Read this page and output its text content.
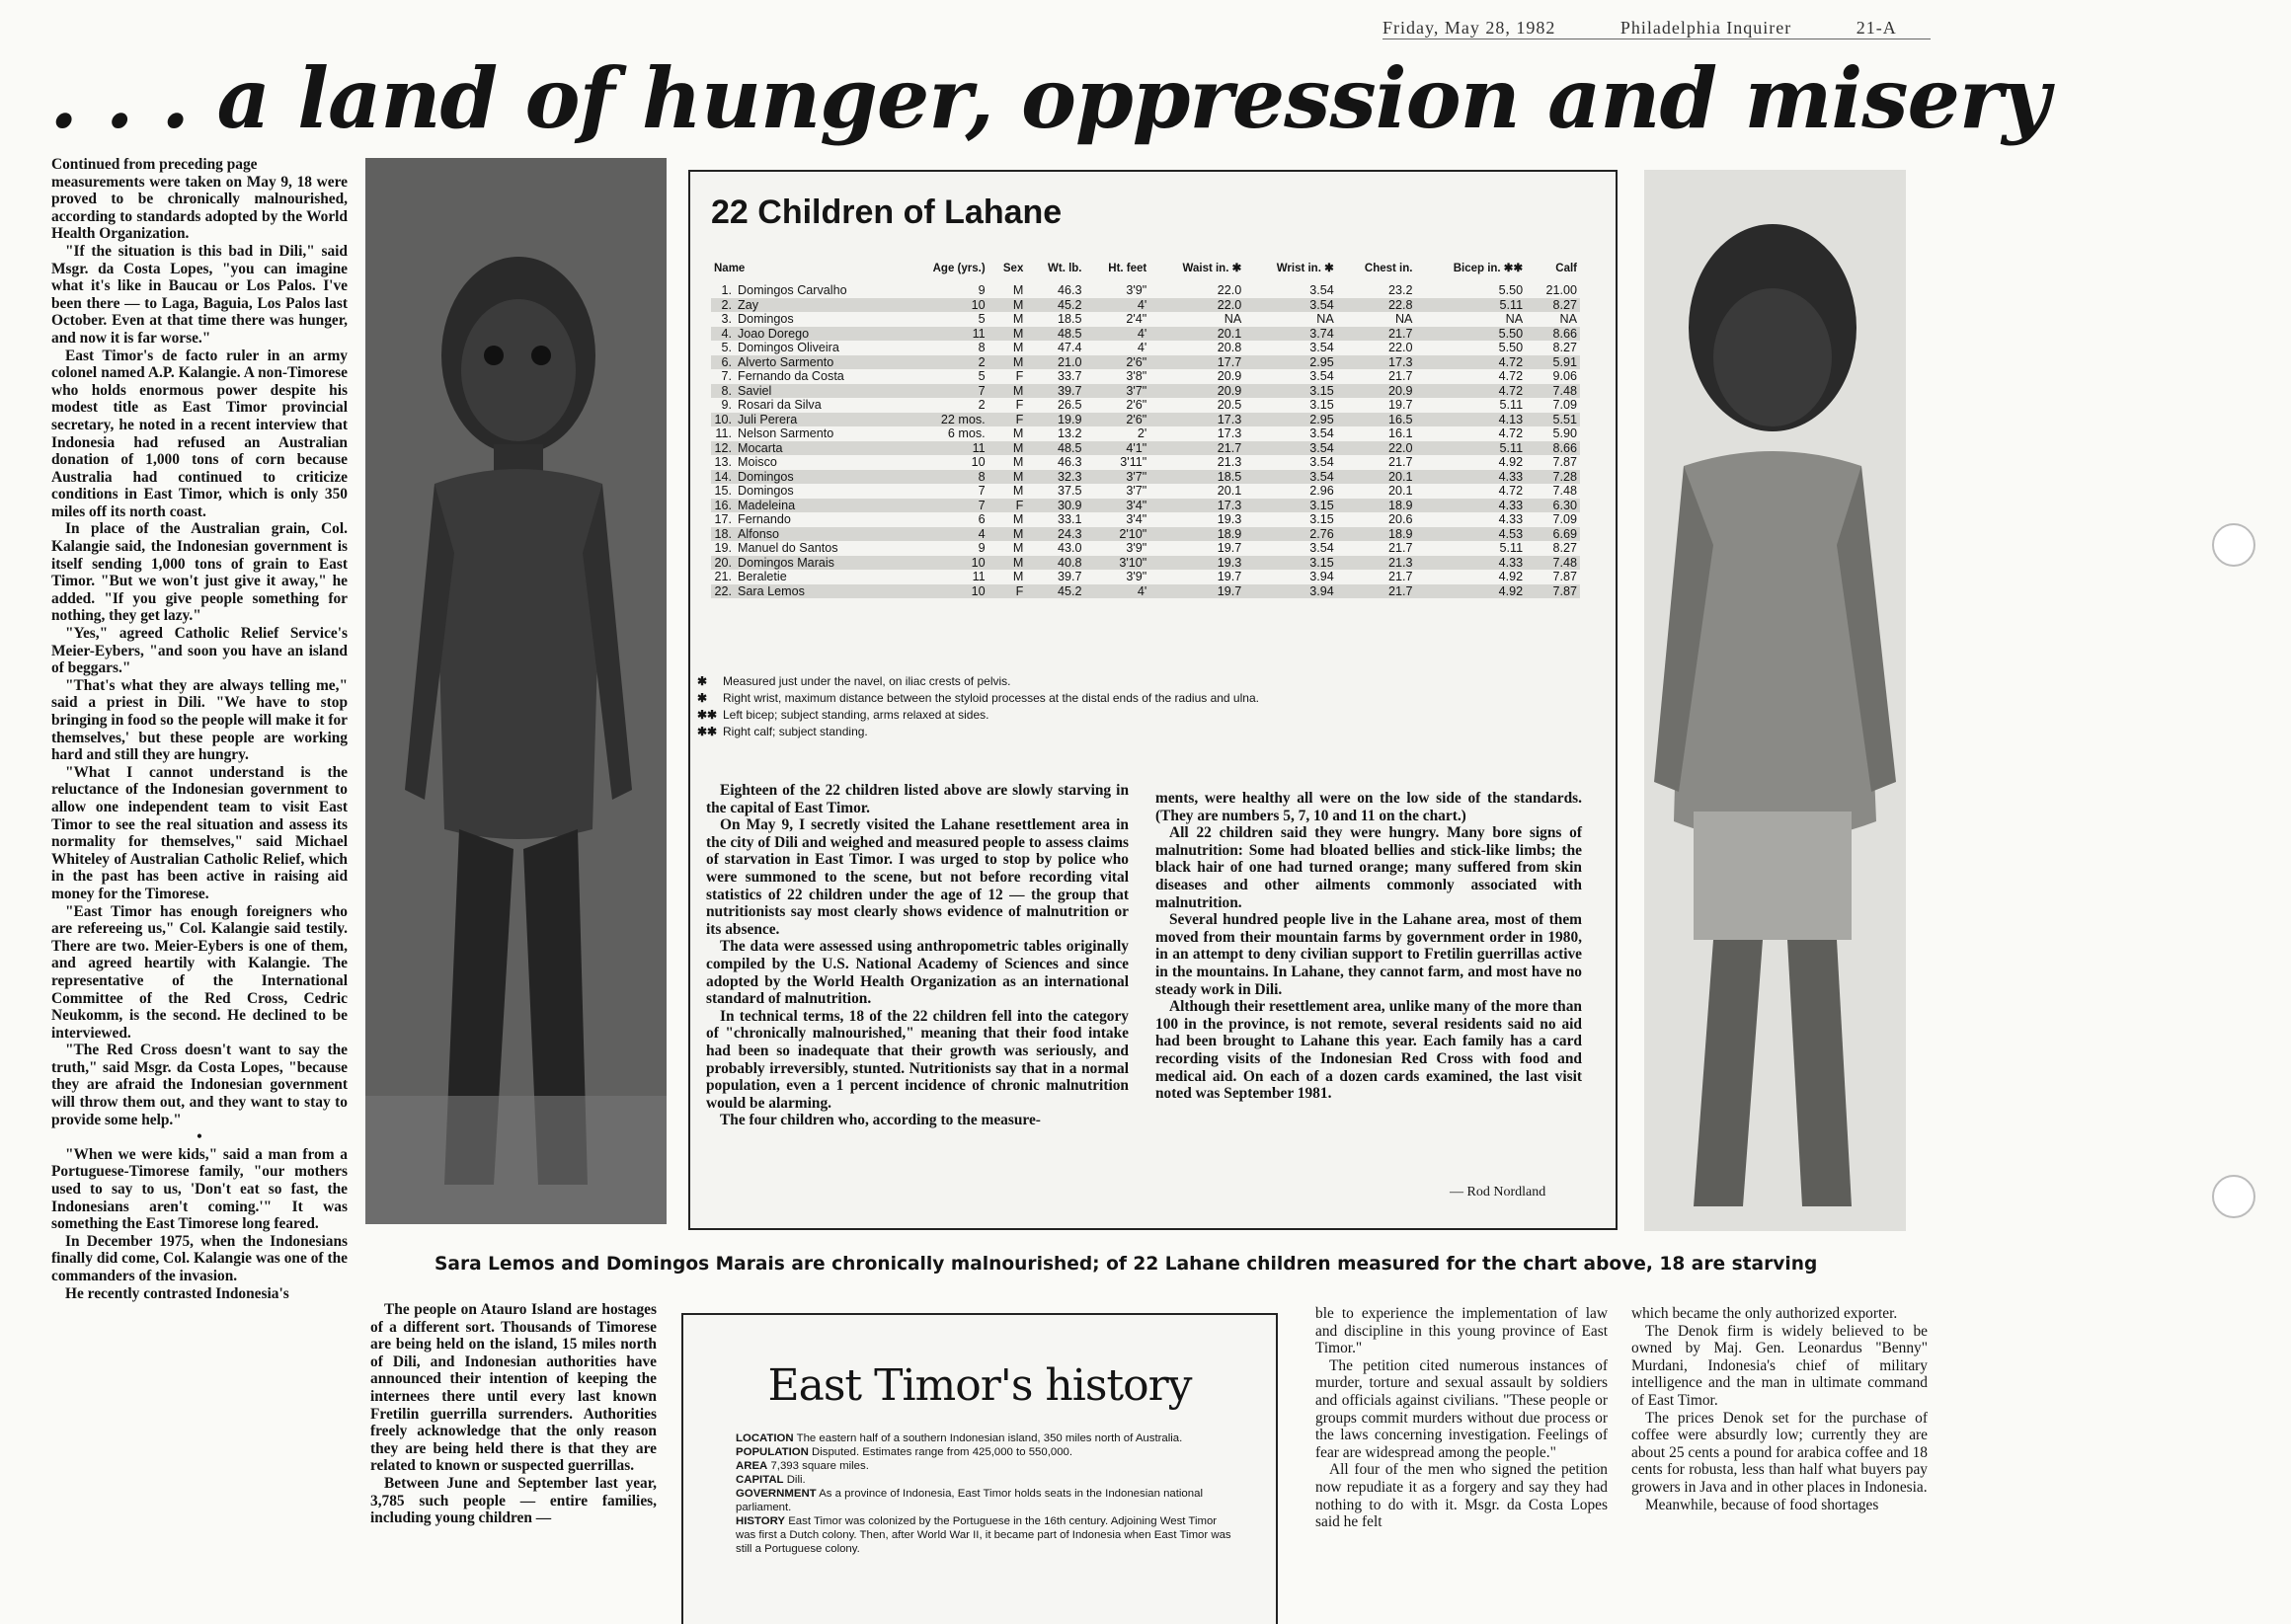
Friday, May 28, 1982	Philadelphia Inquirer	21-A
. . . a land of hunger, oppression and misery

Continued from preceding page

measurements were taken on May 9, 18 were proved to be chronically malnourished, according to standards adopted by the World Health Organization.

"If the situation is this bad in Dili," said Msgr. da Costa Lopes, "you can imagine what it's like in Baucau or Los Palos. I've been there — to Laga, Baguia, Los Palos last October. Even at that time there was hunger, and now it is far worse."

East Timor's de facto ruler in an army colonel named A.P. Kalangie. A non-Timorese who holds enormous power despite his modest title as East Timor provincial secretary, he noted in a recent interview that Indonesia had refused an Australian donation of 1,000 tons of corn because Australia had continued to criticize conditions in East Timor, which is only 350 miles off its north coast.

In place of the Australian grain, Col. Kalangie said, the Indonesian government is itself sending 1,000 tons of grain to East Timor. "But we won't just give it away," he added. "If you give people something for nothing, they get lazy."

"Yes," agreed Catholic Relief Service's Meier-Eybers, "and soon you have an island of beggars."

"That's what they are always telling me," said a priest in Dili. "We have to stop bringing in food so the people will make it for themselves,' but these people are working hard and still they are hungry.

"What I cannot understand is the reluctance of the Indonesian government to allow one independent team to visit East Timor to see the real situation and assess its normality for themselves," said Michael Whiteley of Australian Catholic Relief, which in the past has been active in raising aid money for the Timorese.

"East Timor has enough foreigners who are refereeing us," Col. Kalangie said testily. There are two. Meier-Eybers is one of them, and agreed heartily with Kalangie. The representative of the International Committee of the Red Cross, Cedric Neukomm, is the second. He declined to be interviewed.

"The Red Cross doesn't want to say the truth," said Msgr. da Costa Lopes, "because they are afraid the Indonesian government will throw them out, and they want to stay to provide some help."

•

"When we were kids," said a man from a Portuguese-Timorese family, "our mothers used to say to us, 'Don't eat so fast, the Indonesians aren't coming.'" It was something the East Timorese long feared.

In December 1975, when the Indonesians finally did come, Col. Kalangie was one of the commanders of the invasion.

He recently contrasted Indonesia's

22 Children of Lahane
Name		Age (yrs.)	Sex	Wt. lb.	Ht. feet	Waist in. ✱	Wrist in. ✱	Chest in.	Bicep in. ✱✱	Calf

1.	Domingos Carvalho	9	M	46.3	3'9"	22.0	3.54	23.2	5.50	21.00
2.	Zay	10	M	45.2	4'	22.0	3.54	22.8	5.11	8.27
3.	Domingos	5	M	18.5	2'4"	NA	NA	NA	NA	NA
4.	Joao Dorego	11	M	48.5	4'	20.1	3.74	21.7	5.50	8.66
5.	Domingos Oliveira	8	M	47.4	4'	20.8	3.54	22.0	5.50	8.27
6.	Alverto Sarmento	2	M	21.0	2'6"	17.7	2.95	17.3	4.72	5.91
7.	Fernando da Costa	5	F	33.7	3'8"	20.9	3.54	21.7	4.72	9.06
8.	Saviel	7	M	39.7	3'7"	20.9	3.15	20.9	4.72	7.48
9.	Rosari da Silva	2	F	26.5	2'6"	20.5	3.15	19.7	5.11	7.09
10.	Juli Perera	22 mos.	F	19.9	2'6"	17.3	2.95	16.5	4.13	5.51
11.	Nelson Sarmento	6 mos.	M	13.2	2'	17.3	3.54	16.1	4.72	5.90
12.	Mocarta	11	M	48.5	4'1"	21.7	3.54	22.0	5.11	8.66
13.	Moisco	10	M	46.3	3'11"	21.3	3.54	21.7	4.92	7.87
14.	Domingos	8	M	32.3	3'7"	18.5	3.54	20.1	4.33	7.28
15.	Domingos	7	M	37.5	3'7"	20.1	2.96	20.1	4.72	7.48
16.	Madeleina	7	F	30.9	3'4"	17.3	3.15	18.9	4.33	6.30
17.	Fernando	6	M	33.1	3'4"	19.3	3.15	20.6	4.33	7.09
18.	Alfonso	4	M	24.3	2'10"	18.9	2.76	18.9	4.53	6.69
19.	Manuel do Santos	9	M	43.0	3'9"	19.7	3.54	21.7	5.11	8.27
20.	Domingos Marais	10	M	40.8	3'10"	19.3	3.15	21.3	4.33	7.48
21.	Beraletie	11	M	39.7	3'9"	19.7	3.94	21.7	4.92	7.87
22.	Sara Lemos	10	F	45.2	4'	19.7	3.94	21.7	4.92	7.87
✱ Measured just under the navel, on iliac crests of pelvis.
✱ Right wrist, maximum distance between the styloid processes at the distal ends of the radius and ulna.
✱✱ Left bicep; subject standing, arms relaxed at sides.
✱✱ Right calf; subject standing.

Eighteen of the 22 children listed above are slowly starving in the capital of East Timor.

On May 9, I secretly visited the Lahane resettlement area in the city of Dili and weighed and measured people to assess claims of starvation in East Timor. I was urged to stop by police who were summoned to the scene, but not before recording vital statistics of 22 children under the age of 12 — the group that nutritionists say most clearly shows evidence of malnutrition or its absence.

The data were assessed using anthropometric tables originally compiled by the U.S. National Academy of Sciences and since adopted by the World Health Organization as an international standard of malnutrition.

In technical terms, 18 of the 22 children fell into the category of "chronically malnourished," meaning that their food intake had been so inadequate that their growth was seriously, and probably irreversibly, stunted. Nutritionists say that in a normal population, even a 1 percent incidence of chronic malnutrition would be alarming.

The four children who, according to the measure-

ments, were healthy all were on the low side of the standards. (They are numbers 5, 7, 10 and 11 on the chart.)

All 22 children said they were hungry. Many bore signs of malnutrition: Some had bloated bellies and stick-like limbs; the black hair of one had turned orange; many suffered from skin diseases and other ailments commonly associated with malnutrition.

Several hundred people live in the Lahane area, most of them moved from their mountain farms by government order in 1980, in an attempt to deny civilian support to Fretilin guerrillas active in the mountains. In Lahane, they cannot farm, and most have no steady work in Dili.

Although their resettlement area, unlike many of the more than 100 in the province, is not remote, several residents said no aid had been brought to Lahane this year. Each family has a card recording visits of the Indonesian Red Cross with food and medical aid. On each of a dozen cards examined, the last visit noted was September 1981.

— Rod Nordland
Sara Lemos and Domingos Marais are chronically malnourished; of 22 Lahane children measured for the chart above, 18 are starving

The people on Atauro Island are hostages of a different sort. Thousands of Timorese are being held on the island, 15 miles north of Dili, and Indonesian authorities have announced their intention of keeping the internees there until every last known Fretilin guerrilla surrenders. Authorities freely acknowledge that the only reason they are being held there is that they are related to known or suspected guerrillas.

Between June and September last year, 3,785 such people — entire families, including young children —

East Timor's history
LOCATION The eastern half of a southern Indonesian island, 350 miles north of Australia.
POPULATION Disputed. Estimates range from 425,000 to 550,000.
AREA 7,393 square miles.
CAPITAL Dili.
GOVERNMENT As a province of Indonesia, East Timor holds seats in the Indonesian national parliament.
HISTORY East Timor was colonized by the Portuguese in the 16th century. Adjoining West Timor was first a Dutch colony. Then, after World War II, it became part of Indonesia when East Timor was still a Portuguese colony.

ble to experience the implementation of law and discipline in this young province of East Timor."

The petition cited numerous instances of murder, torture and sexual assault by soldiers and officials against civilians. "These people or groups commit murders without due process or the laws concerning investigation. Feelings of fear are widespread among the people."

All four of the men who signed the petition now repudiate it as a forgery and say they had nothing to do with it. Msgr. da Costa Lopes said he felt

which became the only authorized exporter.

The Denok firm is widely believed to be owned by Maj. Gen. Leonardus "Benny" Murdani, Indonesia's chief of military intelligence and the man in ultimate command of East Timor.

The prices Denok set for the purchase of coffee were absurdly low; currently they are about 25 cents a pound for arabica coffee and 18 cents for robusta, less than half what buyers pay growers in Java and in other places in Indonesia.

Meanwhile, because of food shortages
